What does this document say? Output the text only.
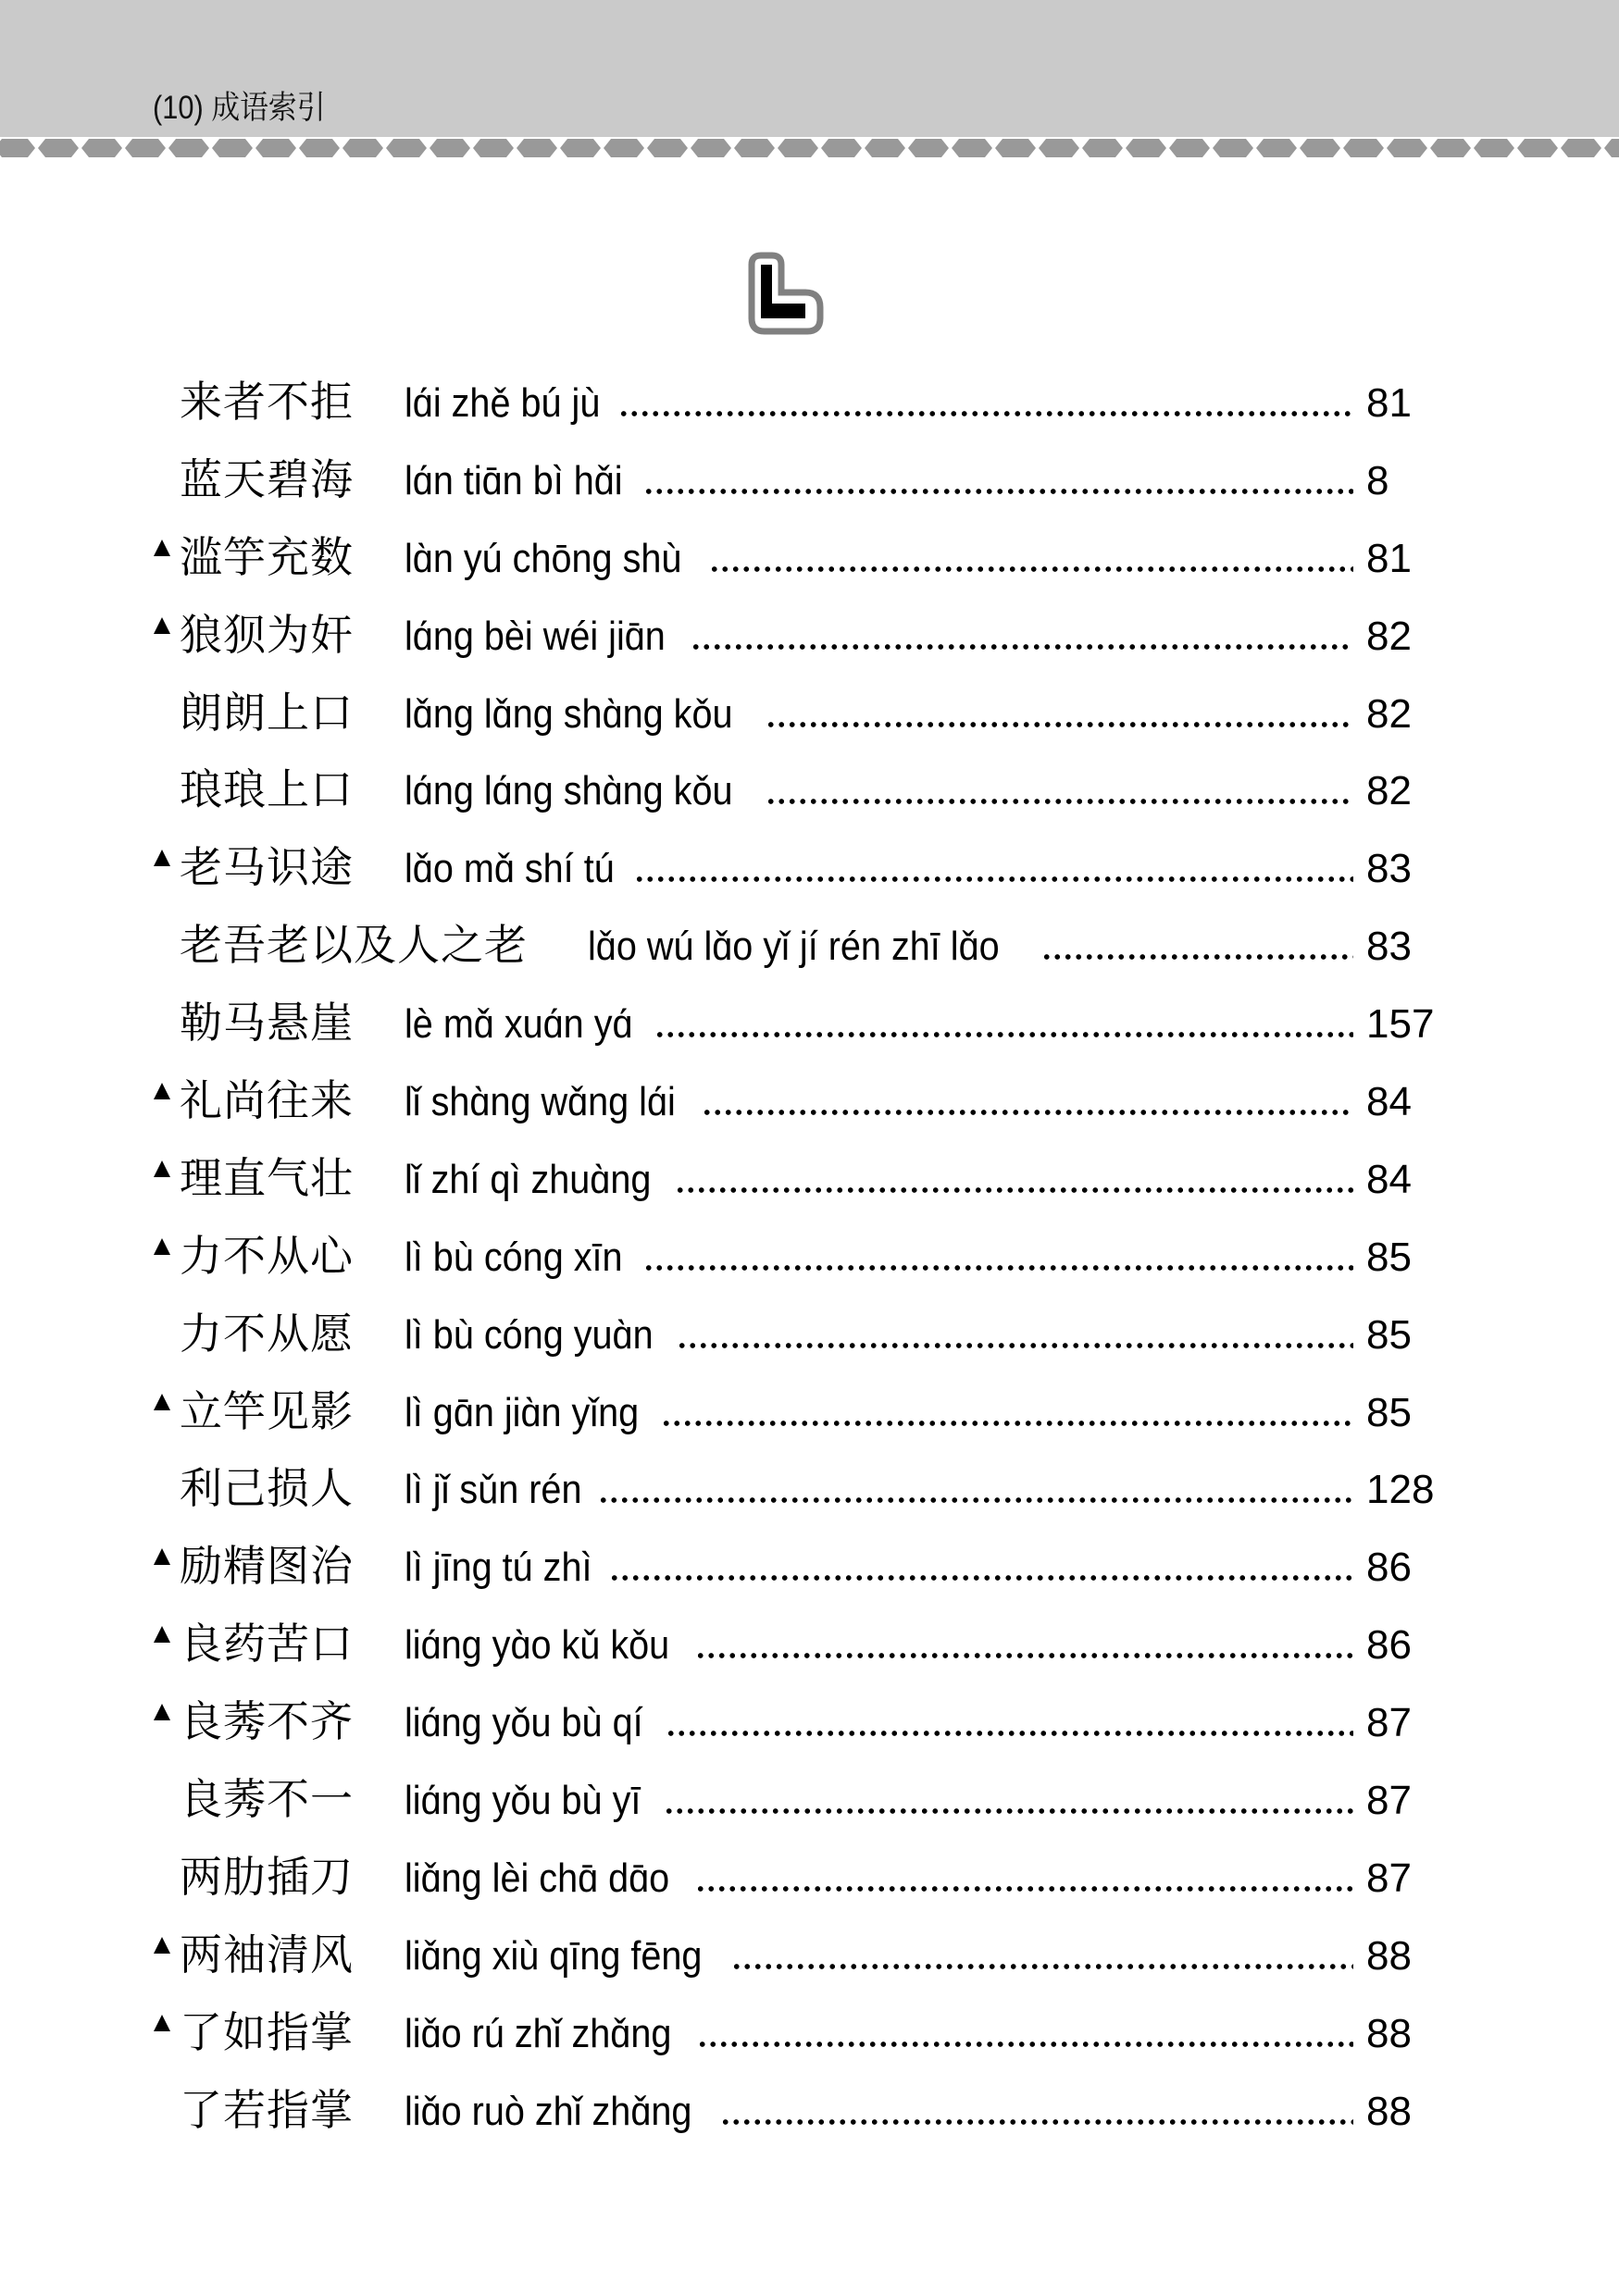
(10) 成语索引
L
来者不拒 lɑ́i zhě bú jù	81
蓝天碧海 lɑ́n tiɑ̄n bì hɑ̌i	8
滥竽充数 lɑ̀n yú chōng shù	81
狼狈为奸 lɑ́ng bèi wéi jiɑ̄n	82
朗朗上口 lɑ̌ng lɑ̌ng shɑ̀ng kǒu	82
琅琅上口 lɑ́ng lɑ́ng shɑ̀ng kǒu	82
老马识途 lɑ̌o mɑ̌ shí tú	83
老吾老以及人之老 lɑ̌o wú lɑ̌o yǐ jí rén zhī lɑ̌o	83
勒马悬崖 lè mɑ̌ xuɑ́n yɑ́	157
礼尚往来 lǐ shɑ̀ng wɑ̌ng lɑ́i	84
理直气壮 lǐ zhí qì zhuɑ̀ng	84
力不从心 lì bù cóng xīn	85
力不从愿 lì bù cóng yuɑ̀n	85
立竿见影 lì gɑ̄n jiɑ̀n yǐng	85
利己损人 lì jǐ sǔn rén	128
励精图治 lì jīng tú zhì	86
良药苦口 liɑ́ng yɑ̀o kǔ kǒu	86
良莠不齐 liɑ́ng yǒu bù qí	87
良莠不一 liɑ́ng yǒu bù yī	87
两肋插刀 liɑ̌ng lèi chɑ̄ dɑ̄o	87
两袖清风 liɑ̌ng xiù qīng fēng	88
了如指掌 liɑ̌o rú zhǐ zhɑ̌ng	88
了若指掌 liɑ̌o ruò zhǐ zhɑ̌ng	88
